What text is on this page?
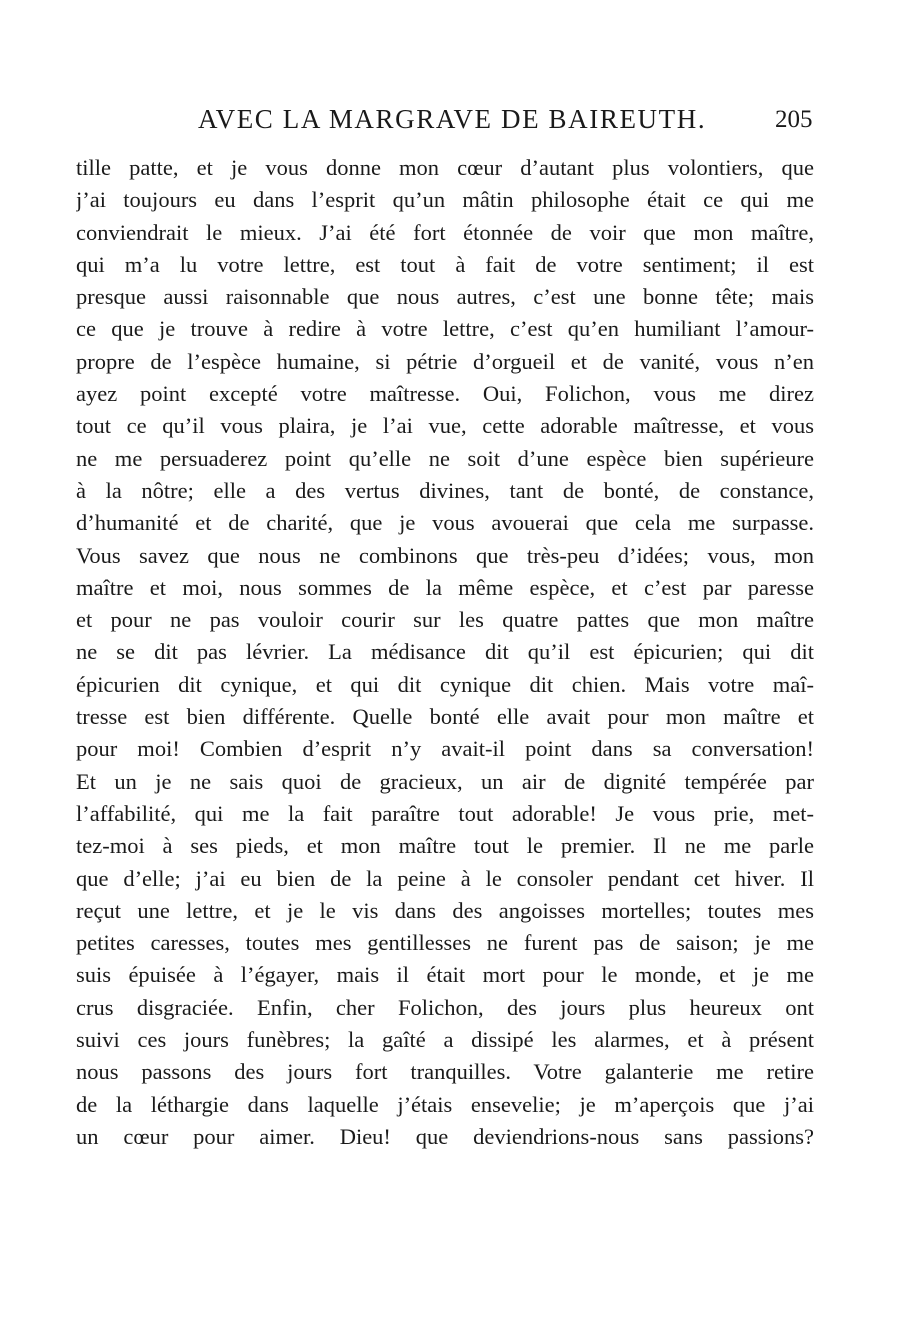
AVEC LA MARGRAVE DE BAIREUTH.	205
tille patte, et je vous donne mon cœur d’autant plus volontiers, que
j’ai toujours eu dans l’esprit qu’un mâtin philosophe était ce qui me
conviendrait le mieux. J’ai été fort étonnée de voir que mon maître,
qui m’a lu votre lettre, est tout à fait de votre sentiment; il est
presque aussi raisonnable que nous autres, c’est une bonne tête; mais
ce que je trouve à redire à votre lettre, c’est qu’en humiliant l’amour-
propre de l’espèce humaine, si pétrie d’orgueil et de vanité, vous n’en
ayez point excepté votre maîtresse. Oui, Folichon, vous me direz
tout ce qu’il vous plaira, je l’ai vue, cette adorable maîtresse, et vous
ne me persuaderez point qu’elle ne soit d’une espèce bien supérieure
à la nôtre; elle a des vertus divines, tant de bonté, de constance,
d’humanité et de charité, que je vous avouerai que cela me surpasse.
Vous savez que nous ne combinons que très-peu d’idées; vous, mon
maître et moi, nous sommes de la même espèce, et c’est par paresse
et pour ne pas vouloir courir sur les quatre pattes que mon maître
ne se dit pas lévrier. La médisance dit qu’il est épicurien; qui dit
épicurien dit cynique, et qui dit cynique dit chien. Mais votre maî-
tresse est bien différente. Quelle bonté elle avait pour mon maître et
pour moi! Combien d’esprit n’y avait-il point dans sa conversation!
Et un je ne sais quoi de gracieux, un air de dignité tempérée par
l’affabilité, qui me la fait paraître tout adorable! Je vous prie, met-
tez-moi à ses pieds, et mon maître tout le premier. Il ne me parle
que d’elle; j’ai eu bien de la peine à le consoler pendant cet hiver. Il
reçut une lettre, et je le vis dans des angoisses mortelles; toutes mes
petites caresses, toutes mes gentillesses ne furent pas de saison; je me
suis épuisée à l’égayer, mais il était mort pour le monde, et je me
crus disgraciée. Enfin, cher Folichon, des jours plus heureux ont
suivi ces jours funèbres; la gaîté a dissipé les alarmes, et à présent
nous passons des jours fort tranquilles. Votre galanterie me retire
de la léthargie dans laquelle j’étais ensevelie; je m’aperçois que j’ai
un cœur pour aimer. Dieu! que deviendrions-nous sans passions?
